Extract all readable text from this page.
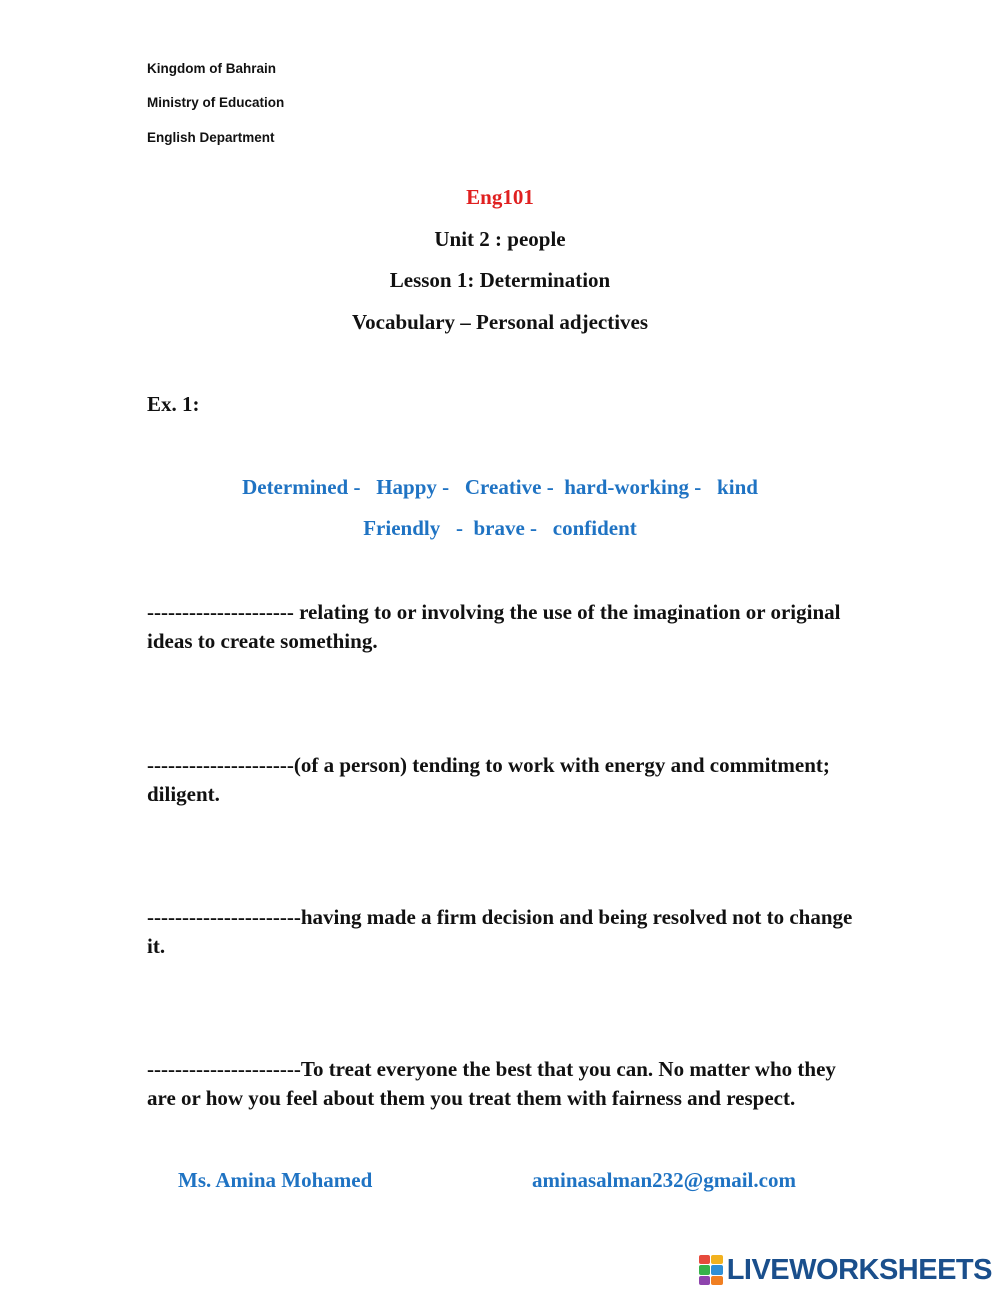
Kingdom of Bahrain
Ministry of Education
English Department
Eng101
Unit 2 : people
Lesson 1: Determination
Vocabulary – Personal adjectives
Ex. 1:
Determined -   Happy -   Creative -  hard-working -   kind
Friendly   -  brave -   confident
--------------------- relating to or involving the use of the imagination or original ideas to create something.
---------------------(of a person) tending to work with energy and commitment; diligent.
----------------------having made a firm decision and being resolved not to change it.
----------------------To treat everyone the best that you can. No matter who they are or how you feel about them you treat them with fairness and respect.
Ms. Amina Mohamed	aminasalman232@gmail.com
LIVEWORKSHEETS
